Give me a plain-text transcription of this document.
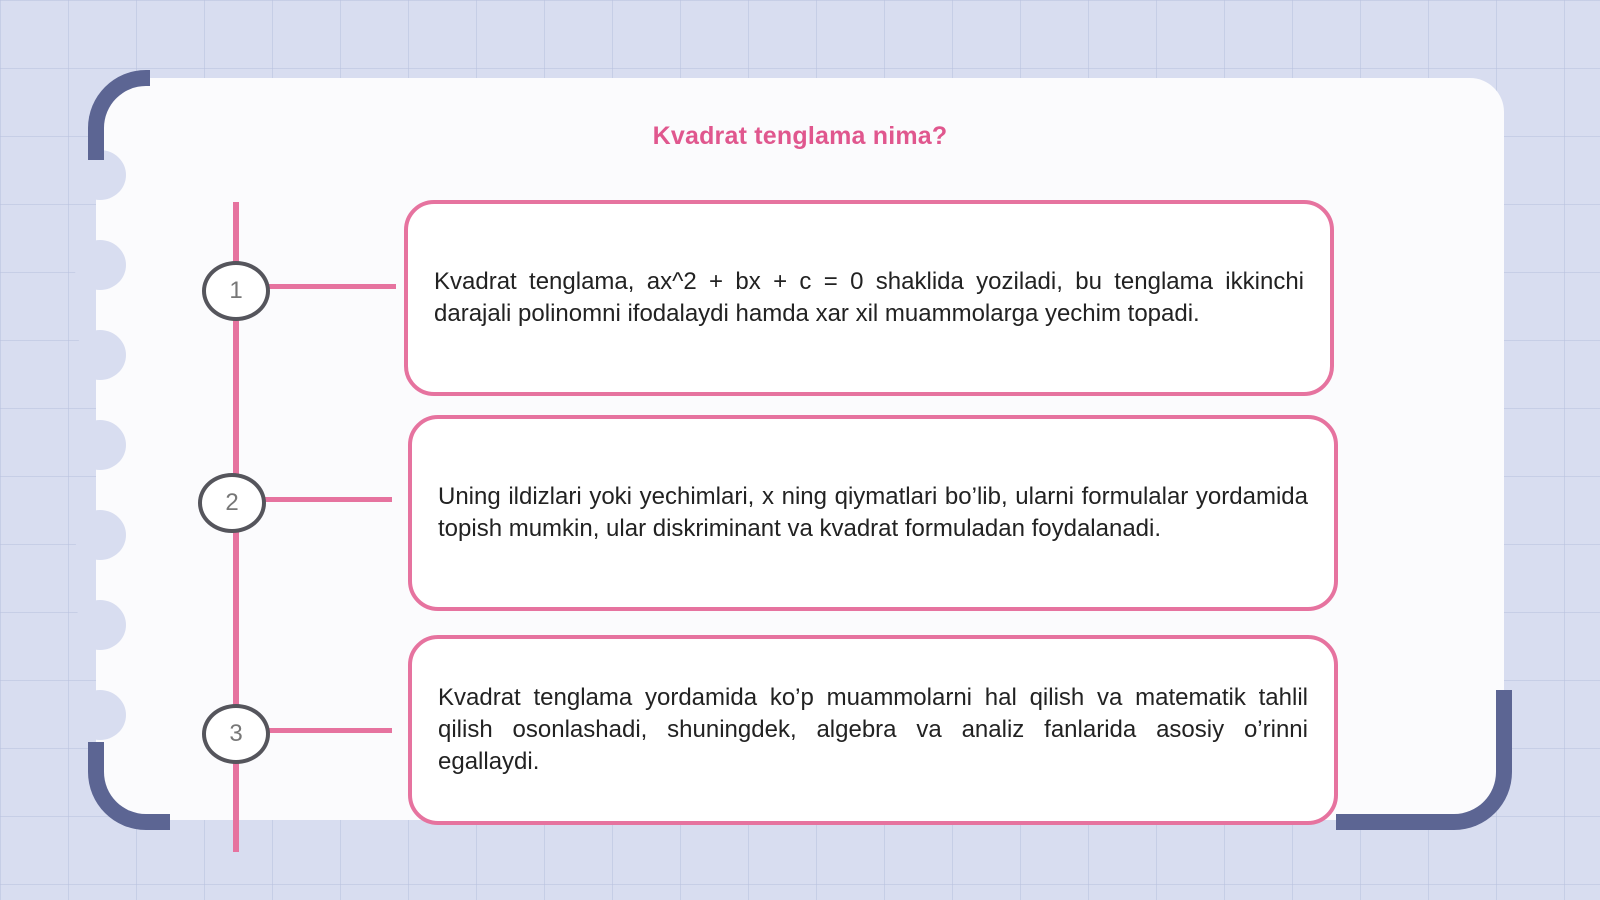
Kvadrat tenglama nima?
1
2
3

Kvadrat tenglama, ax^2 + bx + c = 0 shaklida yoziladi, bu tenglama ikkinchi darajali polinomni ifodalaydi hamda xar xil muammolarga yechim topadi.

Uning ildizlari yoki yechimlari, x ning qiymatlari bo’lib, ularni formulalar yordamida topish mumkin, ular diskriminant va kvadrat formuladan foydalanadi.

Kvadrat tenglama yordamida ko’p muammolarni hal qilish va matematik tahlil qilish osonlashadi, shuningdek, algebra va analiz fanlarida asosiy o’rinni egallaydi.
